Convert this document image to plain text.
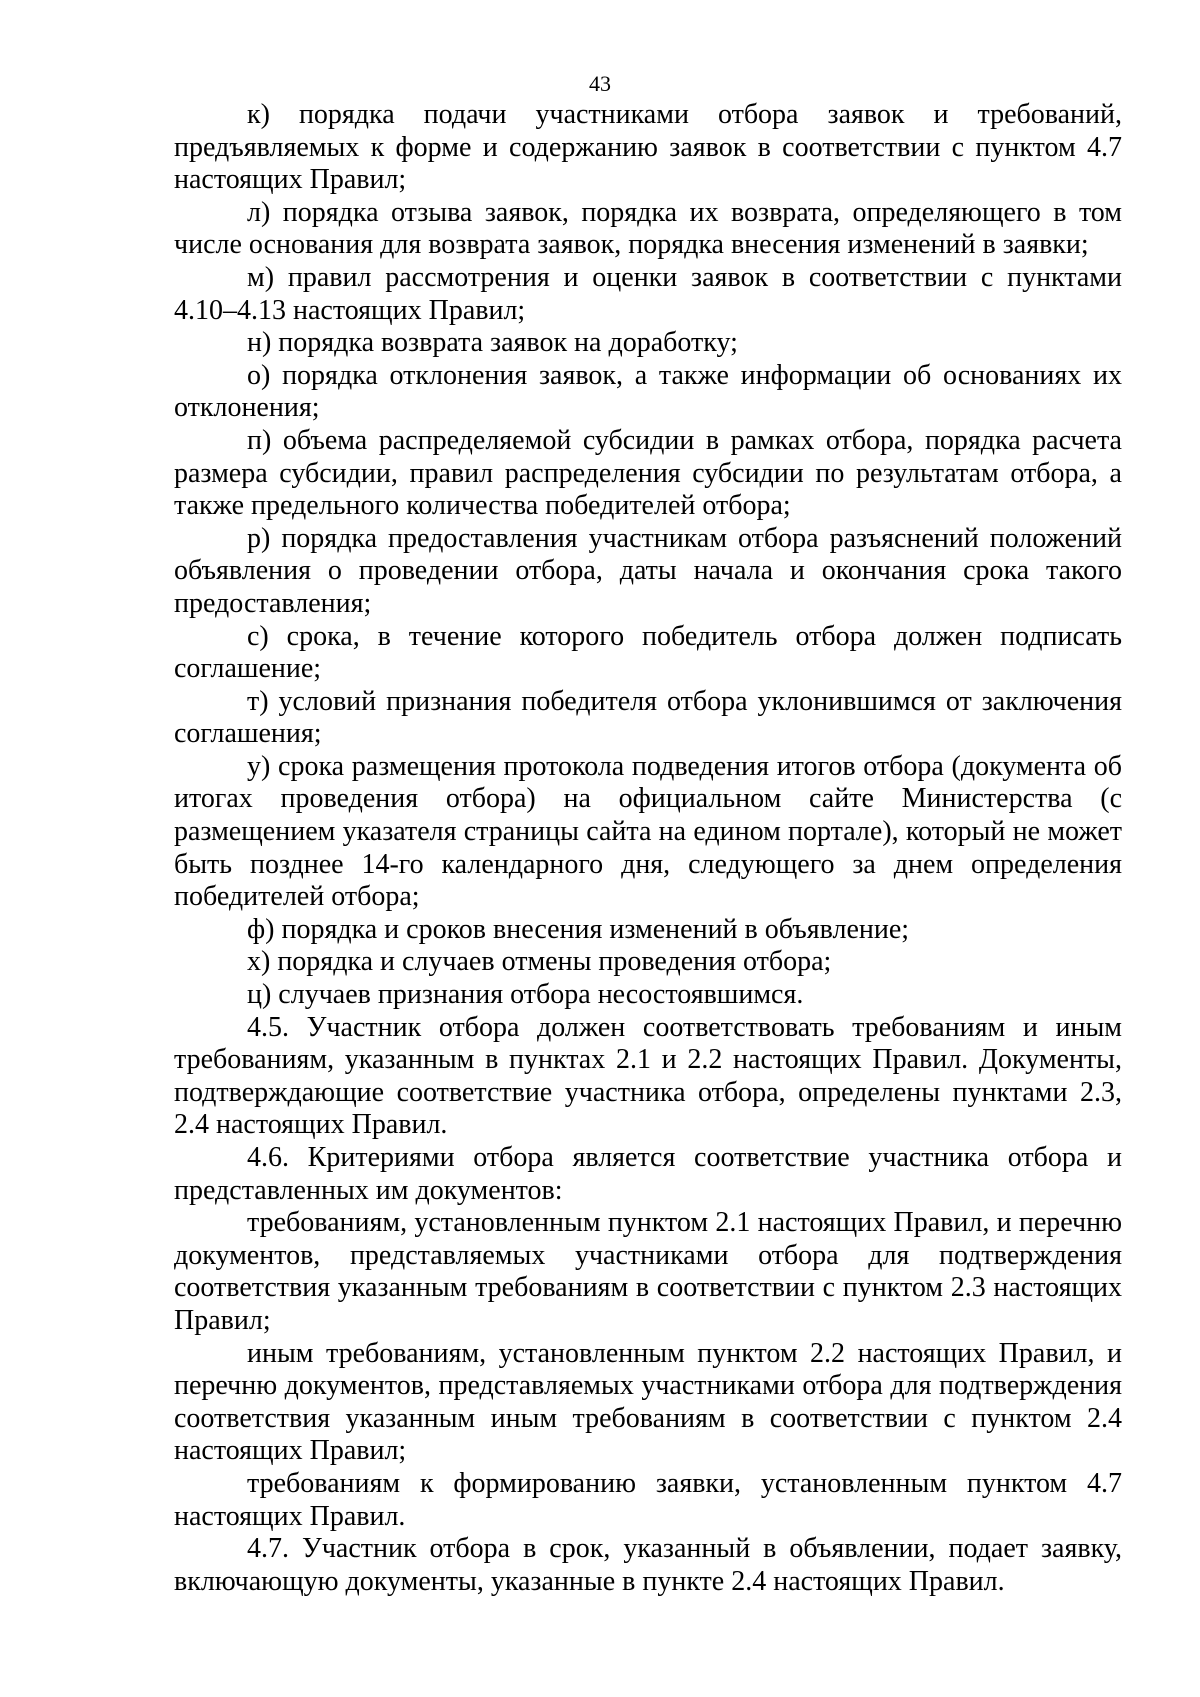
43

к) порядка подачи участниками отбора заявок и требований, предъявляемых к форме и содержанию заявок в соответствии с пунктом 4.7 настоящих Правил;

л) порядка отзыва заявок, порядка их возврата, определяющего в том числе основания для возврата заявок, порядка внесения изменений в заявки;

м) правил рассмотрения и оценки заявок в соответствии с пунктами 4.10–4.13 настоящих Правил;

н) порядка возврата заявок на доработку;

о) порядка отклонения заявок, а также информации об основаниях их отклонения;

п) объема распределяемой субсидии в рамках отбора, порядка расчета размера субсидии, правил распределения субсидии по результатам отбора, а также предельного количества победителей отбора;

р) порядка предоставления участникам отбора разъяснений положений объявления о проведении отбора, даты начала и окончания срока такого предоставления;

с) срока, в течение которого победитель отбора должен подписать соглашение;

т) условий признания победителя отбора уклонившимся от заключения соглашения;

у) срока размещения протокола подведения итогов отбора (документа об итогах проведения отбора) на официальном сайте Министерства (с размещением указателя страницы сайта на едином портале), который не может быть позднее 14-го календарного дня, следующего за днем определения победителей отбора;

ф) порядка и сроков внесения изменений в объявление;

х) порядка и случаев отмены проведения отбора;

ц) случаев признания отбора несостоявшимся.

4.5. Участник отбора должен соответствовать требованиям и иным требованиям, указанным в пунктах 2.1 и 2.2 настоящих Правил. Документы, подтверждающие соответствие участника отбора, определены пунктами 2.3, 2.4 настоящих Правил.

4.6. Критериями отбора является соответствие участника отбора и представленных им документов:

требованиям, установленным пунктом 2.1 настоящих Правил, и перечню документов, представляемых участниками отбора для подтверждения соответствия указанным требованиям в соответствии с пунктом 2.3 настоящих Правил;

иным требованиям, установленным пунктом 2.2 настоящих Правил, и перечню документов, представляемых участниками отбора для подтверждения соответствия указанным иным требованиям в соответствии с пунктом 2.4 настоящих Правил;

требованиям к формированию заявки, установленным пунктом 4.7 настоящих Правил.

4.7. Участник отбора в срок, указанный в объявлении, подает заявку, включающую документы, указанные в пункте 2.4 настоящих Правил.
